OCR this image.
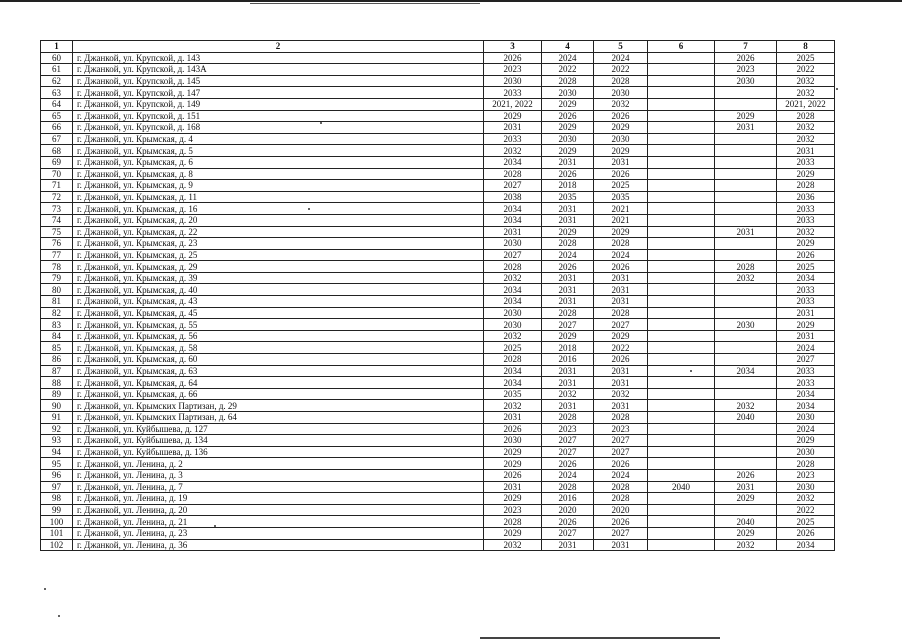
1	2	3	4	5	6	7	8
60	г. Джанкой, ул. Крупской, д. 143	2026	2024	2024		2026	2025
61	г. Джанкой, ул. Крупской, д. 143А	2023	2022	2022		2023	2022
62	г. Джанкой, ул. Крупской, д. 145	2030	2028	2028		2030	2032
63	г. Джанкой, ул. Крупской, д. 147	2033	2030	2030			2032
64	г. Джанкой, ул. Крупской, д. 149	2021, 2022	2029	2032			2021, 2022
65	г. Джанкой, ул. Крупской, д. 151	2029	2026	2026		2029	2028
66	г. Джанкой, ул. Крупской, д. 168	2031	2029	2029		2031	2032
67	г. Джанкой, ул. Крымская, д. 4	2033	2030	2030			2032
68	г. Джанкой, ул. Крымская, д. 5	2032	2029	2029			2031
69	г. Джанкой, ул. Крымская, д. 6	2034	2031	2031			2033
70	г. Джанкой, ул. Крымская, д. 8	2028	2026	2026			2029
71	г. Джанкой, ул. Крымская, д. 9	2027	2018	2025			2028
72	г. Джанкой, ул. Крымская, д. 11	2038	2035	2035			2036
73	г. Джанкой, ул. Крымская, д. 16	2034	2031	2021			2033
74	г. Джанкой, ул. Крымская, д. 20	2034	2031	2021			2033
75	г. Джанкой, ул. Крымская, д. 22	2031	2029	2029		2031	2032
76	г. Джанкой, ул. Крымская, д. 23	2030	2028	2028			2029
77	г. Джанкой, ул. Крымская, д. 25	2027	2024	2024			2026
78	г. Джанкой, ул. Крымская, д. 29	2028	2026	2026		2028	2025
79	г. Джанкой, ул. Крымская, д. 39	2032	2031	2031		2032	2034
80	г. Джанкой, ул. Крымская, д. 40	2034	2031	2031			2033
81	г. Джанкой, ул. Крымская, д. 43	2034	2031	2031			2033
82	г. Джанкой, ул. Крымская, д. 45	2030	2028	2028			2031
83	г. Джанкой, ул. Крымская, д. 55	2030	2027	2027		2030	2029
84	г. Джанкой, ул. Крымская, д. 56	2032	2029	2029			2031
85	г. Джанкой, ул. Крымская, д. 58	2025	2018	2022			2024
86	г. Джанкой, ул. Крымская, д. 60	2028	2016	2026			2027
87	г. Джанкой, ул. Крымская, д. 63	2034	2031	2031		2034	2033
88	г. Джанкой, ул. Крымская, д. 64	2034	2031	2031			2033
89	г. Джанкой, ул. Крымская, д. 66	2035	2032	2032			2034
90	г. Джанкой, ул. Крымских Партизан, д. 29	2032	2031	2031		2032	2034
91	г. Джанкой, ул. Крымских Партизан, д. 64	2031	2028	2028		2040	2030
92	г. Джанкой, ул. Куйбышева, д. 127	2026	2023	2023			2024
93	г. Джанкой, ул. Куйбышева, д. 134	2030	2027	2027			2029
94	г. Джанкой, ул. Куйбышева, д. 136	2029	2027	2027			2030
95	г. Джанкой, ул. Ленина, д. 2	2029	2026	2026			2028
96	г. Джанкой, ул. Ленина, д. 3	2026	2024	2024		2026	2023
97	г. Джанкой, ул. Ленина, д. 7	2031	2028	2028	2040	2031	2030
98	г. Джанкой, ул. Ленина, д. 19	2029	2016	2028		2029	2032
99	г. Джанкой, ул. Ленина, д. 20	2023	2020	2020			2022
100	г. Джанкой, ул. Ленина, д. 21	2028	2026	2026		2040	2025
101	г. Джанкой, ул. Ленина, д. 23	2029	2027	2027		2029	2026
102	г. Джанкой, ул. Ленина, д. 36	2032	2031	2031		2032	2034
